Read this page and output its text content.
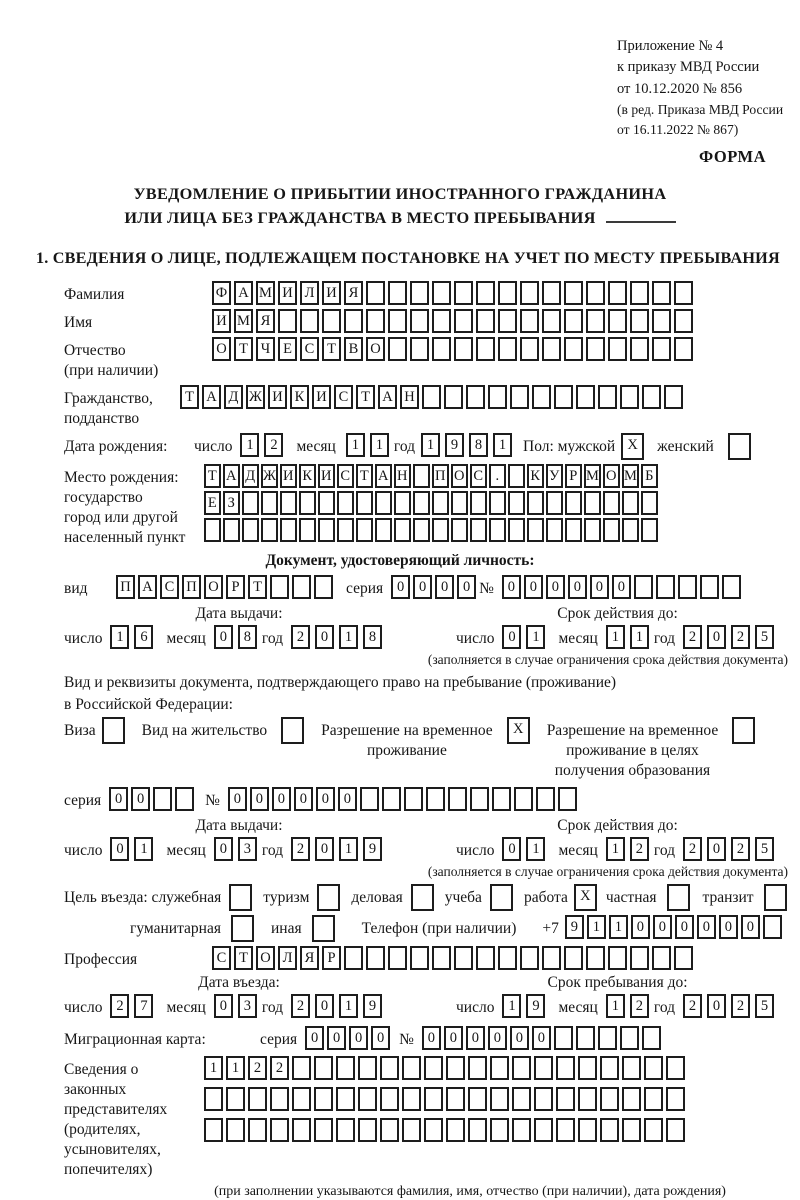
Приложение № 4
к приказу МВД России
от 10.12.2020 № 856
(в ред. Приказа МВД России
от 16.11.2022 № 867)
ФОРМА
УВЕДОМЛЕНИЕ О ПРИБЫТИИ ИНОСТРАННОГО ГРАЖДАНИНА
ИЛИ ЛИЦА БЕЗ ГРАЖДАНСТВА В МЕСТО ПРЕБЫВАНИЯ
1. СВЕДЕНИЯ О ЛИЦЕ, ПОДЛЕЖАЩЕМ ПОСТАНОВКЕ НА УЧЕТ ПО МЕСТУ ПРЕБЫВАНИЯ
Фамилия	Ф А М И Л И Я
Имя	И М Я
Отчество
(при наличии)
О Т Ч Е С Т В О
Гражданство,
подданство
Т А Д Ж И К И С Т А Н
Дата рождения:	число 1 2	месяц	1 1 год 1 9 8 1	Пол: мужской X	женский
Место рождения:
государство
город или другой
населенный пункт
Т А Д Ж И К И С Т А Н П О С . К У Р М О М Б
Е З
Документ, удостоверяющий личность:
вид	П А С П О Р Т	серия 0 0 0 0 № 0 0 0 0 0 0
Дата выдачи:
число 1 6	месяц 0 8 год 2 0 1 8
Срок действия до:
число 0 1	месяц 1 1 год 2 0 2 5
(заполняется в случае ограничения срока действия документа)
Вид и реквизиты документа, подтверждающего право на пребывание (проживание)
в Российской Федерации:
Виза	Вид на жительство	Разрешение на временное
проживание
X	Разрешение на временное
проживание в целях
получения образования
серия 0 0	№ 0 0 0 0 0 0
Дата выдачи:
число 0 1	месяц 0 3 год 2 0 1 9
Срок действия до:
число 0 1	месяц 1 2 год 2 0 2 5
(заполняется в случае ограничения срока действия документа)
Цель въезда: служебная	туризм	деловая	учеба	работа X частная	транзит
гуманитарная	иная	Телефон (при наличии) +7 9 1 1 0 0 0 0 0 0
Профессия	С Т О Л Я Р
Дата въезда:
число 2 7	месяц 0 3 год 2 0 1 9
Срок пребывания до:
число 1 9	месяц 1 2 год 2 0 2 5
Миграционная карта:	серия 0 0 0 0 № 0 0 0 0 0 0
Сведения о
законных
представителях
(родителях,
усыновителях,
попечителях)
1 1 2 2
(при заполнении указываются фамилия, имя, отчество (при наличии), дата рождения)
